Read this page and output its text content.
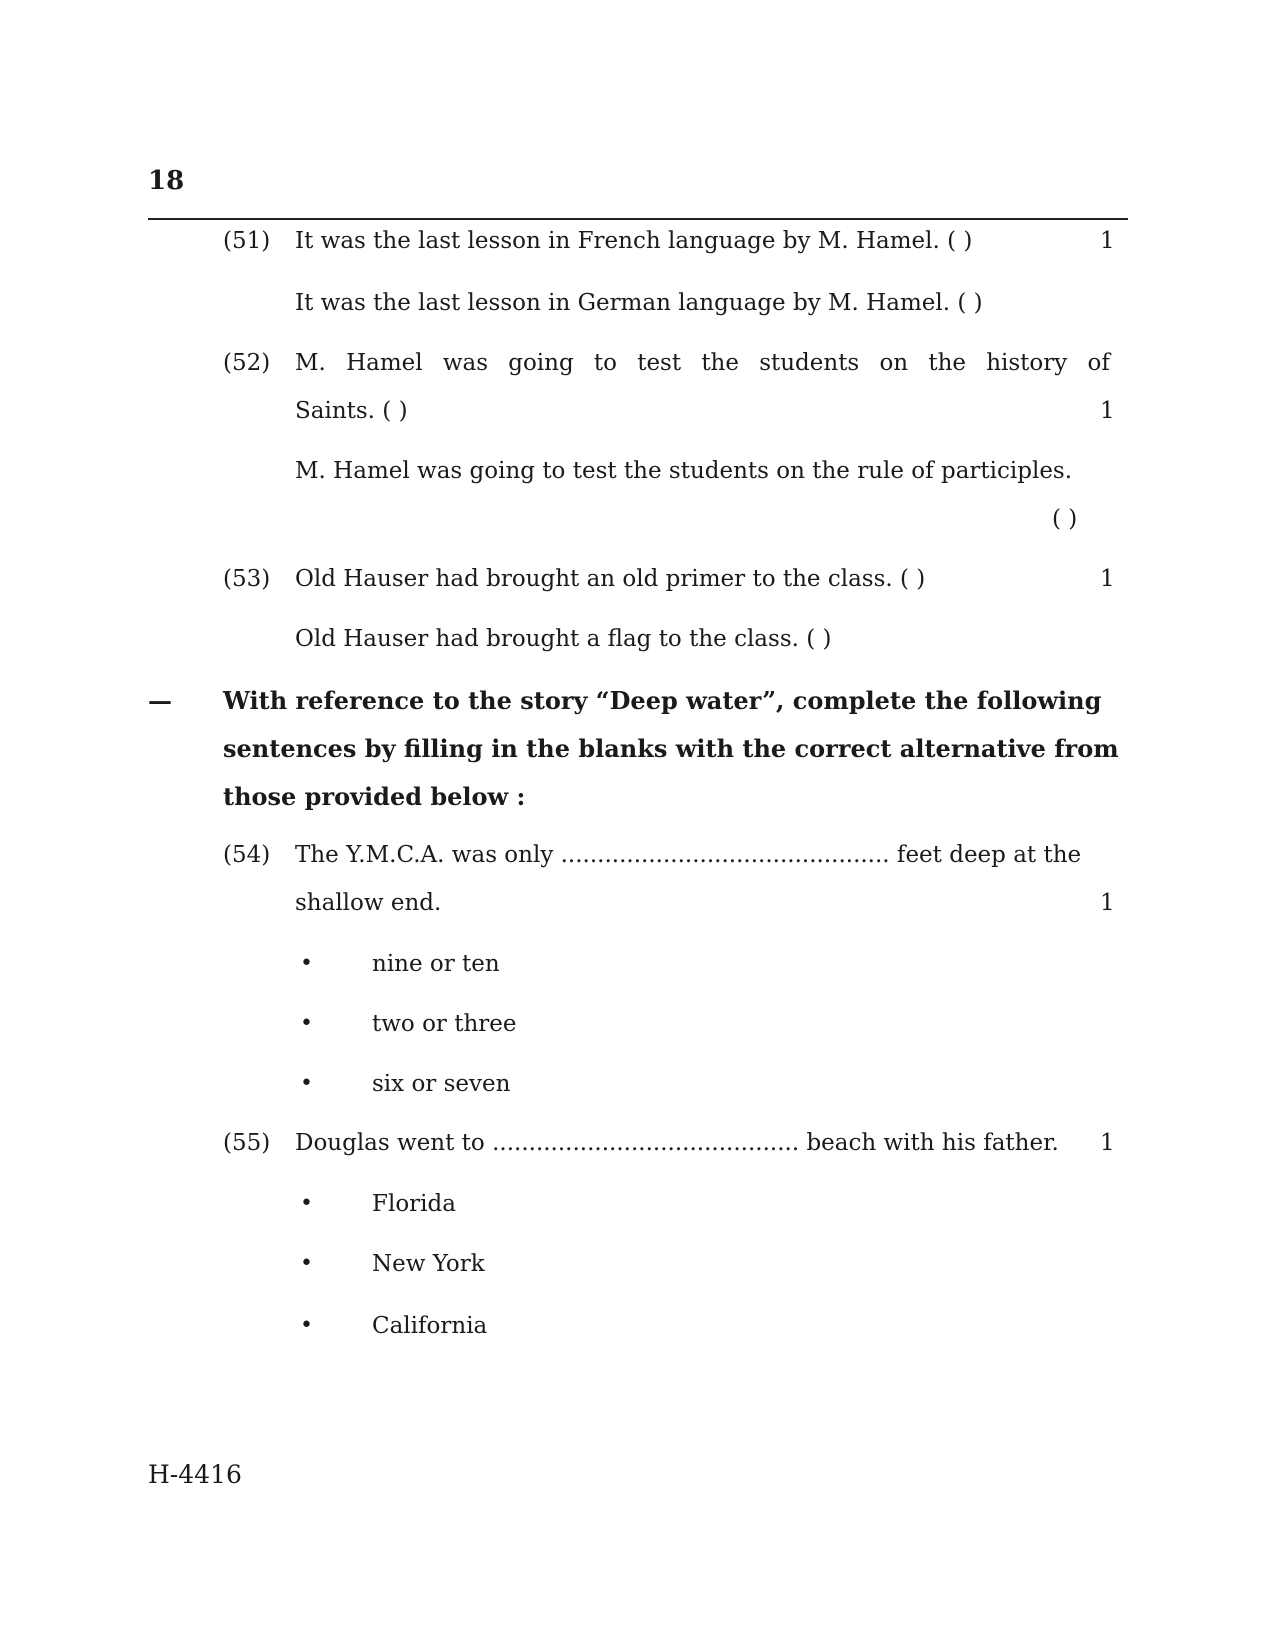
18
(51) It was the last lesson in French language by M. Hamel. ( )	1
It was the last lesson in German language by M. Hamel. ( )
(52) M. Hamel was going to test the students on the history of
Saints. ( )	1
M. Hamel was going to test the students on the rule of participles.
( )
(53) Old Hauser had brought an old primer to the class. ( )	1
Old Hauser had brought a flag to the class. ( )
— With reference to the story “Deep water”, complete the following
sentences by filling in the blanks with the correct alternative from
those provided below :
(54) The Y.M.C.A. was only ............................................. feet deep at the
shallow end.	1
•	nine or ten
•	two or three
•	six or seven
(55) Douglas went to .......................................... beach with his father. 1
•	Florida
•	New York
•	California
H-4416
